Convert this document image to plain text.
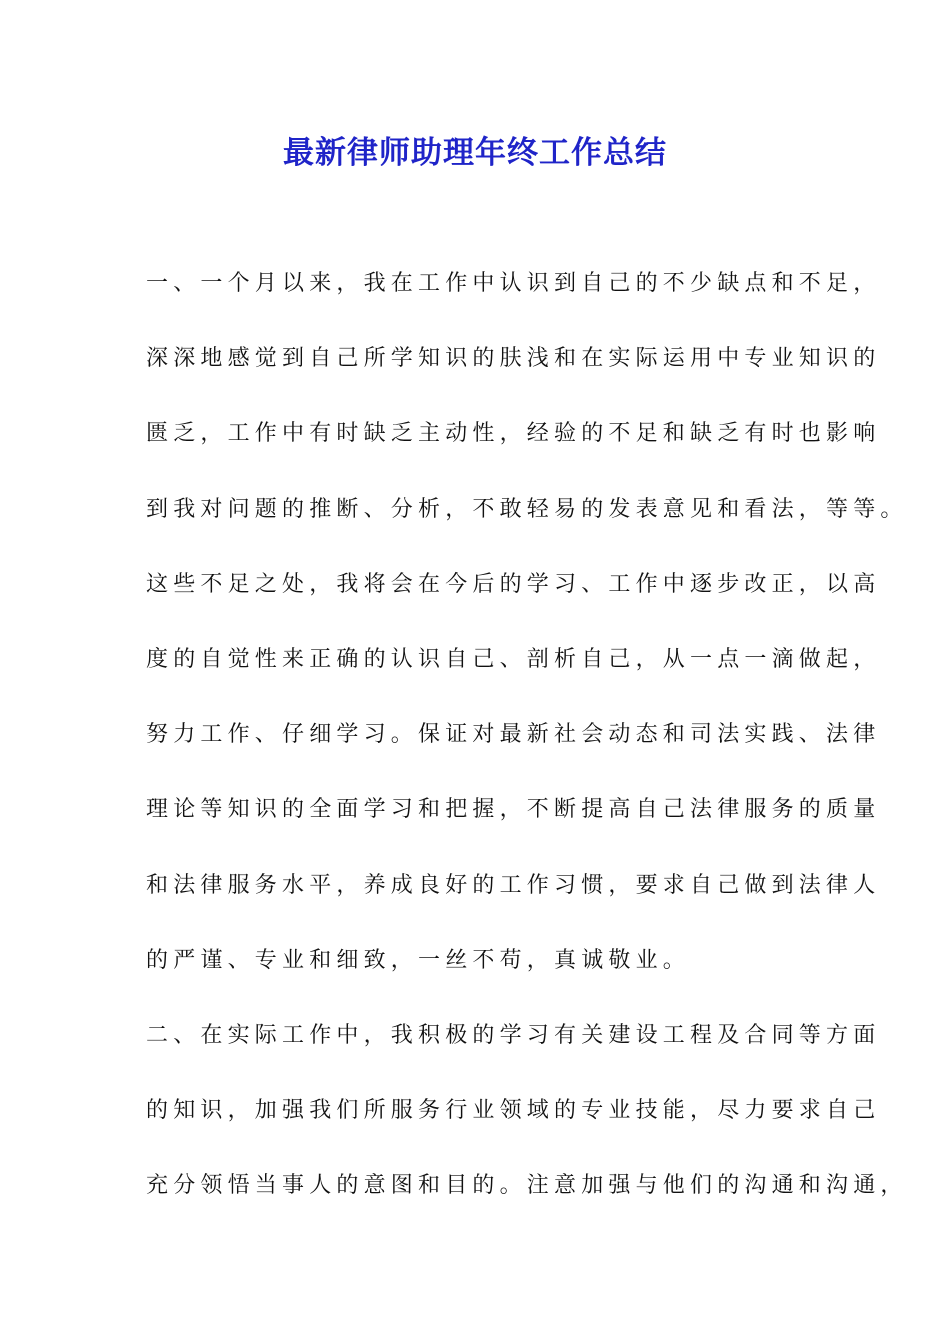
最新律师助理年终工作总结
一、一个月以来，我在工作中认识到自己的不少缺点和不足，
深深地感觉到自己所学知识的肤浅和在实际运用中专业知识的
匮乏，工作中有时缺乏主动性，经验的不足和缺乏有时也影响
到我对问题的推断、分析，不敢轻易的发表意见和看法，等等。
这些不足之处，我将会在今后的学习、工作中逐步改正，以高
度的自觉性来正确的认识自己、剖析自己，从一点一滴做起，
努力工作、仔细学习。保证对最新社会动态和司法实践、法律
理论等知识的全面学习和把握，不断提高自己法律服务的质量
和法律服务水平，养成良好的工作习惯，要求自己做到法律人
的严谨、专业和细致，一丝不苟，真诚敬业。
二、在实际工作中，我积极的学习有关建设工程及合同等方面
的知识，加强我们所服务行业领域的专业技能，尽力要求自己
充分领悟当事人的意图和目的。注意加强与他们的沟通和沟通，
